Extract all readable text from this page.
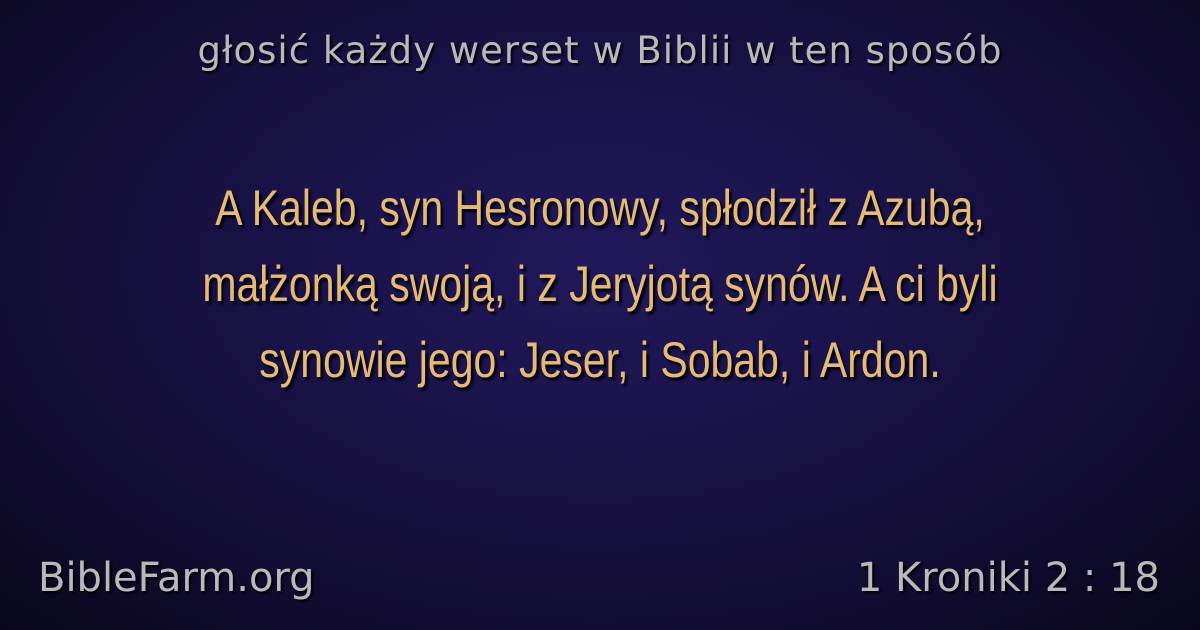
głosić każdy werset w Biblii w ten sposób

A Kaleb, syn Hesronowy, spłodził z Azubą, małżonką swoją, i z Jeryjotą synów. A ci byli synowie jego: Jeser, i Sobab, i Ardon.

BibleFarm.org	1 Kroniki 2 : 18
